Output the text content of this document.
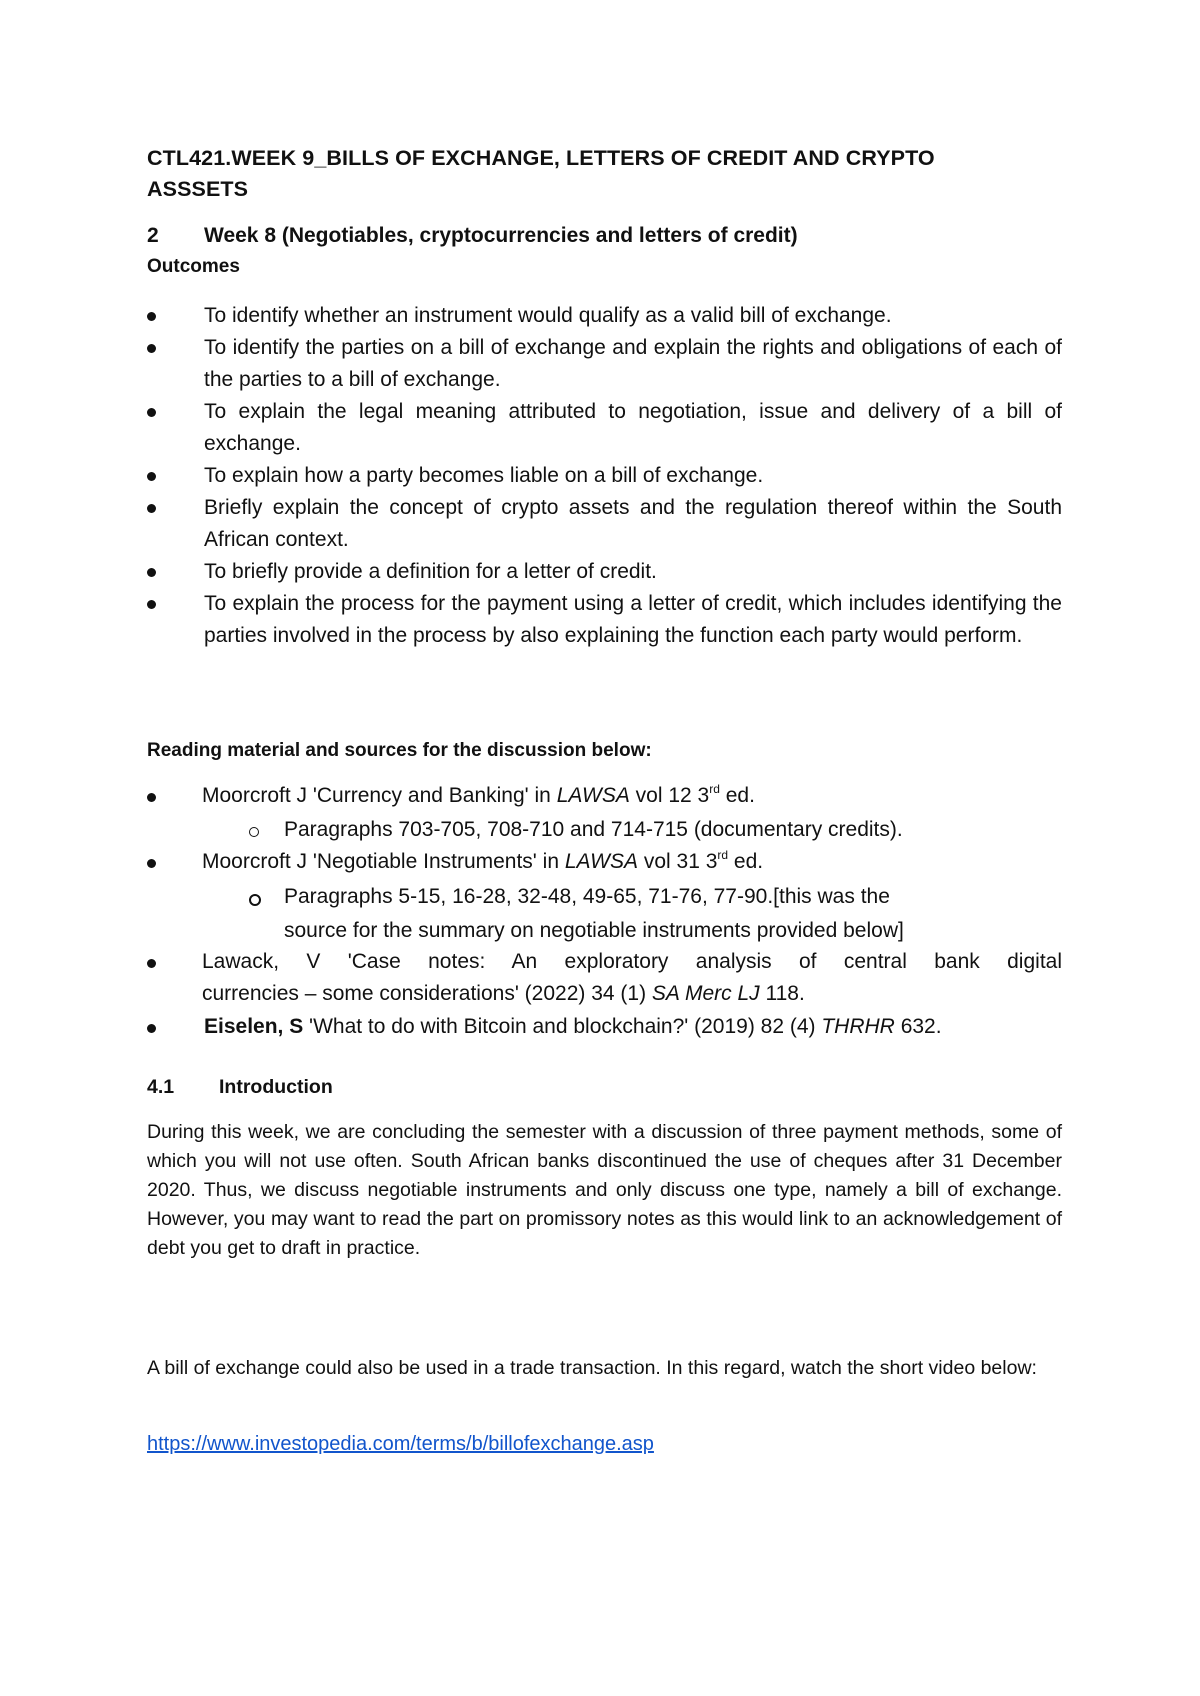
CTL421.WEEK 9_BILLS OF EXCHANGE, LETTERS OF CREDIT AND CRYPTO
ASSSETS
2 Week 8 (Negotiables, cryptocurrencies and letters of credit)
Outcomes
To identify whether an instrument would qualify as a valid bill of exchange.
To identify the parties on a bill of exchange and explain the rights and obligations of each of the parties to a bill of exchange.
To explain the legal meaning attributed to negotiation, issue and delivery of a bill of exchange.
To explain how a party becomes liable on a bill of exchange.
Briefly explain the concept of crypto assets and the regulation thereof within the South African context.
To briefly provide a definition for a letter of credit.
To explain the process for the payment using a letter of credit, which includes identifying the parties involved in the process by also explaining the function each party would perform.
Reading material and sources for the discussion below:
Moorcroft J 'Currency and Banking' in LAWSA vol 12 3rd ed.
Paragraphs 703-705, 708-710 and 714-715 (documentary credits).
Moorcroft J 'Negotiable Instruments' in LAWSA vol 31 3rd ed.
Paragraphs 5-15, 16-28, 32-48, 49-65, 71-76, 77-90.[this was the
source for the summary on negotiable instruments provided below]
Lawack, V 'Case notes: An exploratory analysis of central bank digital
currencies – some considerations' (2022) 34 (1) SA Merc LJ 118.
Eiselen, S 'What to do with Bitcoin and blockchain?' (2019) 82 (4) THRHR 632.
4.1 Introduction
During this week, we are concluding the semester with a discussion of three payment methods, some of which you will not use often. South African banks discontinued the use of cheques after 31 December 2020. Thus, we discuss negotiable instruments and only discuss one type, namely a bill of exchange. However, you may want to read the part on promissory notes as this would link to an acknowledgement of debt you get to draft in practice.
A bill of exchange could also be used in a trade transaction. In this regard, watch the short video below:
https://www.investopedia.com/terms/b/billofexchange.asp
